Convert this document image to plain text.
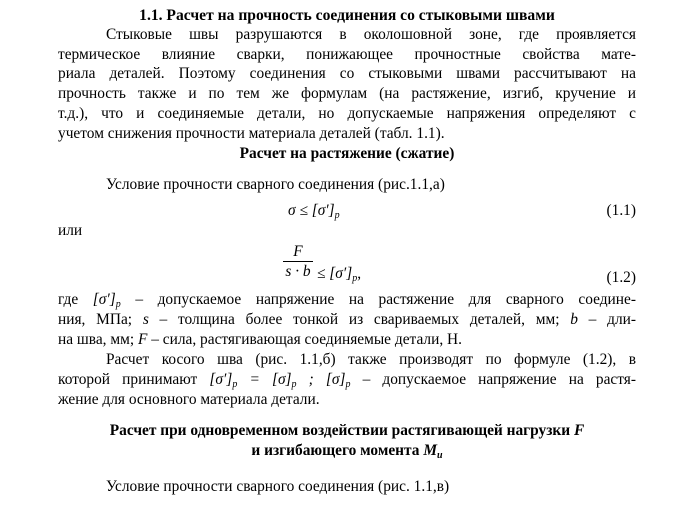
1.1. Расчет на прочность соединения со стыковыми швами
Стыковые швы разрушаются в околошовной зоне, где проявляется
термическое влияние сварки, понижающее прочностные свойства мате-
риала деталей. Поэтому соединения со стыковыми швами рассчитывают на
прочность также и по тем же формулам (на растяжение, изгиб, кручение и
т.д.), что и соединяемые детали, но допускаемые напряжения определяют с
учетом снижения прочности материала деталей (табл. 1.1).
Расчет на растяжение (сжатие)
Условие прочности сварного соединения (рис.1.1,а)
$\sigma \le [\sigma']_р$	(1.1)
или
F
$s \cdot b \le [\sigma']_р$,	(1.2)
где $[\sigma']_р$ – допускаемое напряжение на растяжение для сварного соедине-
ния, МПа; s – толщина более тонкой из свариваемых деталей, мм; b – дли-
на шва, мм; F – сила, растягивающая соединяемые детали, Н.
Расчет косого шва (рис. 1.1,б) также производят по формуле (1.2), в
которой принимают $[\sigma']_р = [\sigma]_р$ ; $[\sigma]_р$ – допускаемое напряжение на растя-
жение для основного материала детали.
Расчет при одновременном воздействии растягивающей нагрузки F
и изгибающего момента $M_и$
Условие прочности сварного соединения (рис. 1.1,в)
